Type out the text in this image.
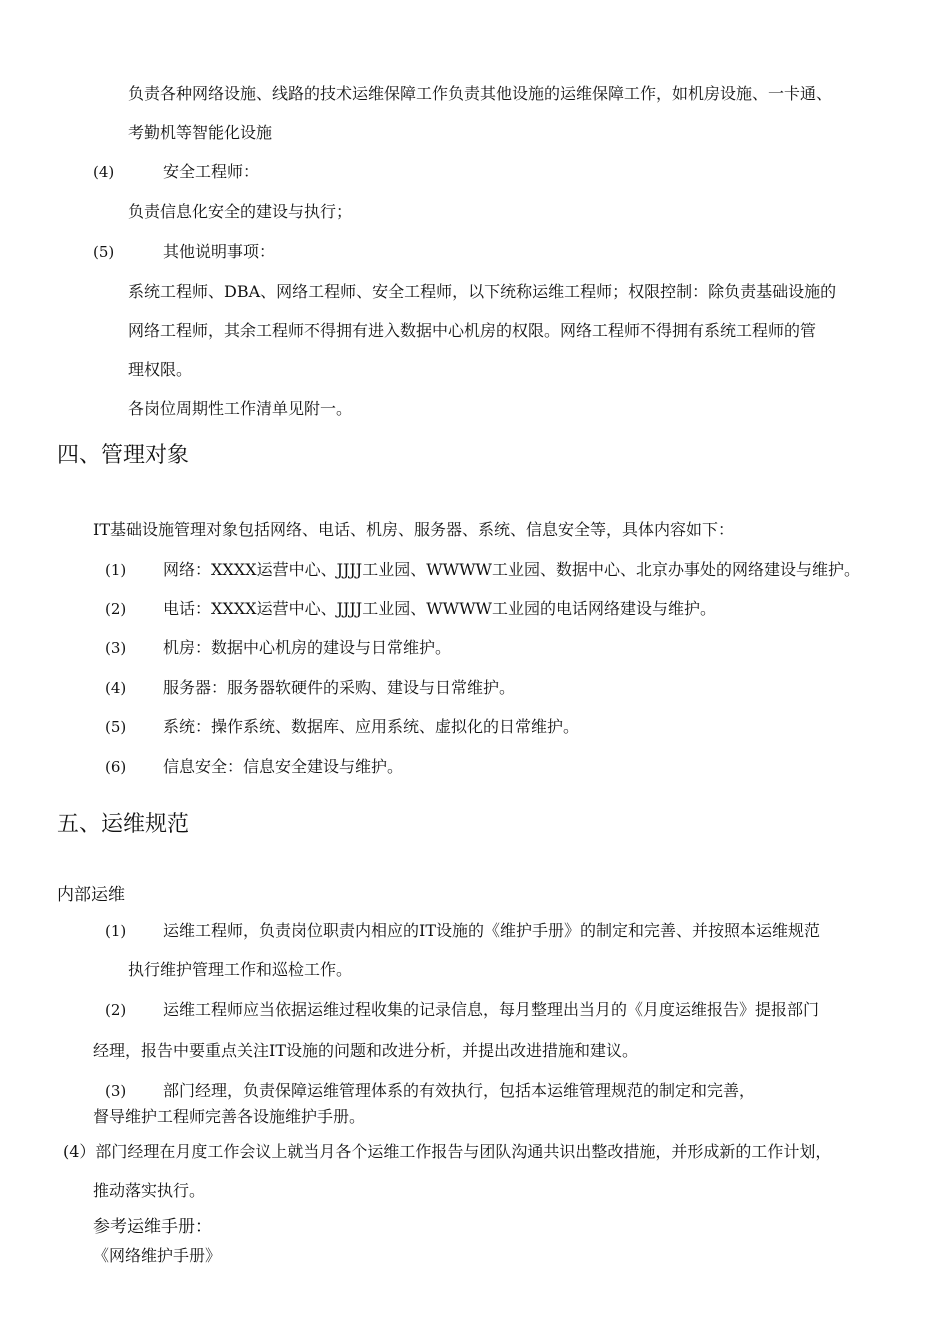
负责各种网络设施、线路的技术运维保障工作负责其他设施的运维保障工作，如机房设施、一卡通、
考勤机等智能化设施
(4)	安全工程师：
负责信息化安全的建设与执行；
(5)	其他说明事项：
系统工程师、DBA、网络工程师、安全工程师，以下统称运维工程师；权限控制：除负责基础设施的
网络工程师，其余工程师不得拥有进入数据中心机房的权限。网络工程师不得拥有系统工程师的管
理权限。
各岗位周期性工作清单见附一。
四、管理对象
IT基础设施管理对象包括网络、电话、机房、服务器、系统、信息安全等，具体内容如下：
(1) 网络：XXXX运营中心、JJJJ工业园、WWWW工业园、数据中心、北京办事处的网络建设与维护。
(2) 电话：XXXX运营中心、JJJJ工业园、WWWW工业园的电话网络建设与维护。
(3) 机房：数据中心机房的建设与日常维护。
(4) 服务器：服务器软硬件的采购、建设与日常维护。
(5) 系统：操作系统、数据库、应用系统、虚拟化的日常维护。
(6) 信息安全：信息安全建设与维护。
五、运维规范
内部运维
(1) 运维工程师，负责岗位职责内相应的IT设施的《维护手册》的制定和完善、并按照本运维规范
执行维护管理工作和巡检工作。
(2) 运维工程师应当依据运维过程收集的记录信息，每月整理出当月的《月度运维报告》提报部门
经理，报告中要重点关注IT设施的问题和改进分析，并提出改进措施和建议。
(3) 部门经理，负责保障运维管理体系的有效执行，包括本运维管理规范的制定和完善，
督导维护工程师完善各设施维护手册。
(4）部门经理在月度工作会议上就当月各个运维工作报告与团队沟通共识出整改措施，并形成新的工作计划，
推动落实执行。
参考运维手册：
《网络维护手册》
